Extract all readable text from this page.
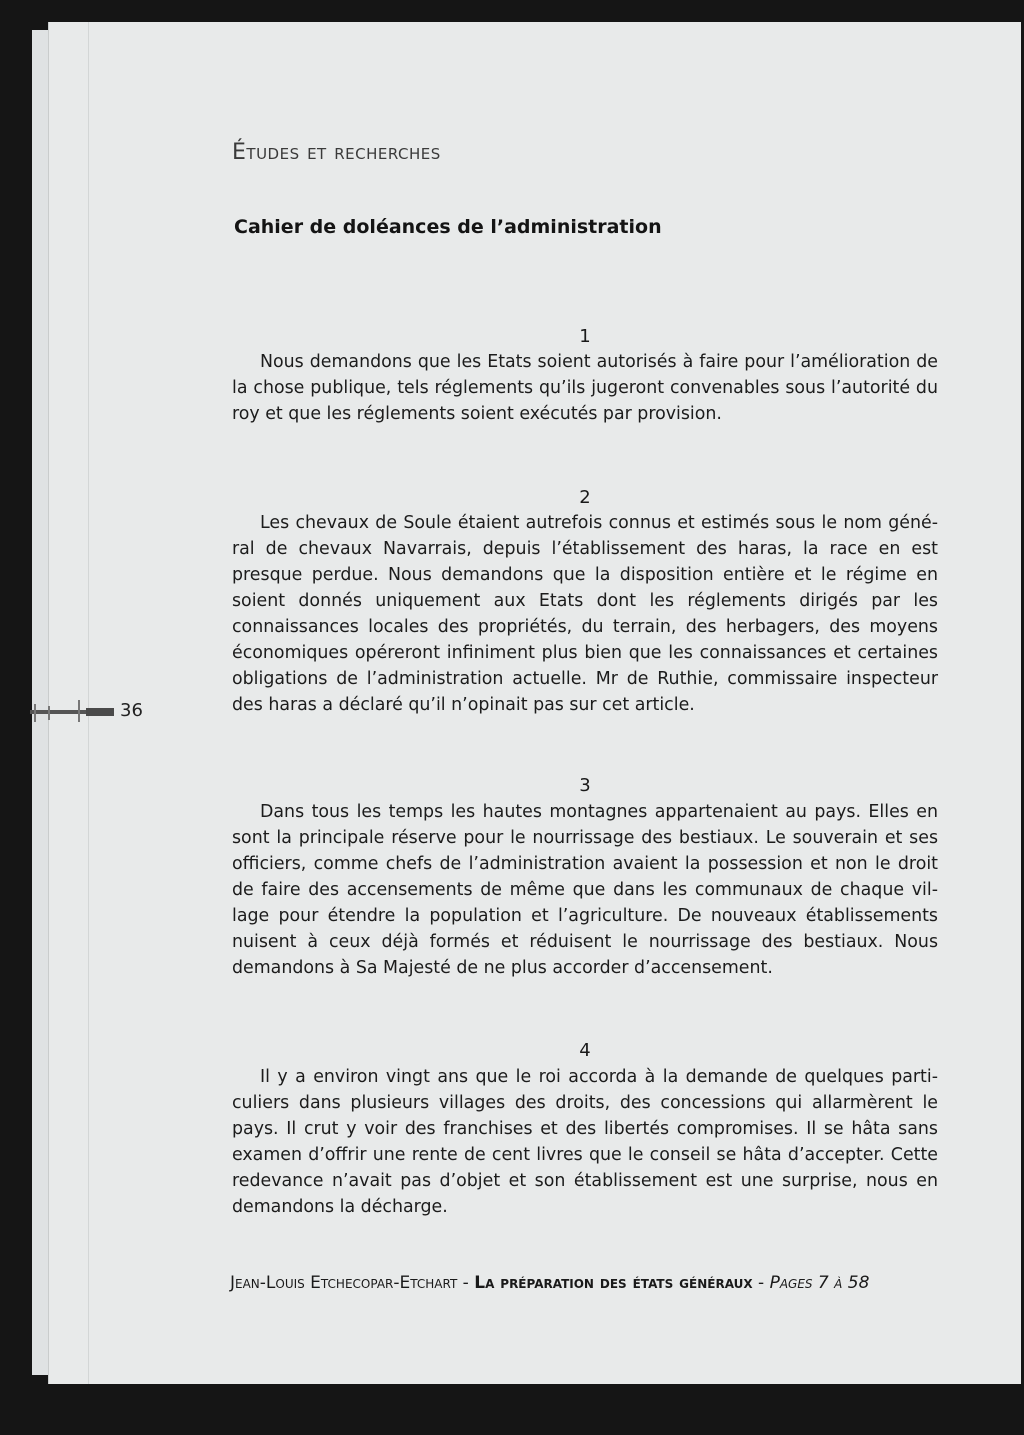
Études et recherches
Cahier de doléances de l’administration
1
Nous demandons que les Etats soient autorisés à faire pour l’amélioration de la chose publique, tels réglements qu’ils jugeront convenables sous l’autorité du roy et que les réglements soient exécutés par provision.
2
Les chevaux de Soule étaient autrefois connus et estimés sous le nom général de chevaux Navarrais, depuis l’établissement des haras, la race en est presque perdue. Nous demandons que la disposition entière et le régime en soient donnés uniquement aux Etats dont les réglements dirigés par les connaissances locales des propriétés, du terrain, des herbagers, des moyens économiques opéreront infiniment plus bien que les connaissances et certaines obligations de l’administration actuelle. Mr de Ruthie, commissaire inspecteur des haras a déclaré qu’il n’opinait pas sur cet article.
36
3
Dans tous les temps les hautes montagnes appartenaient au pays. Elles en sont la principale réserve pour le nourrissage des bestiaux. Le souverain et ses officiers, comme chefs de l’administration avaient la possession et non le droit de faire des accensements de même que dans les communaux de chaque village pour étendre la population et l’agriculture. De nouveaux établissements nuisent à ceux déjà formés et réduisent le nourrissage des bestiaux. Nous demandons à Sa Majesté de ne plus accorder d’accensement.
4
Il y a environ vingt ans que le roi accorda à la demande de quelques particuliers dans plusieurs villages des droits, des concessions qui allarmèrent le pays. Il crut y voir des franchises et des libertés compromises. Il se hâta sans examen d’offrir une rente de cent livres que le conseil se hâta d’accepter. Cette redevance n’avait pas d’objet et son établissement est une surprise, nous en demandons la décharge.
Jean-Louis Etchecopar-Etchart - La préparation des états généraux - Pages 7 à 58
